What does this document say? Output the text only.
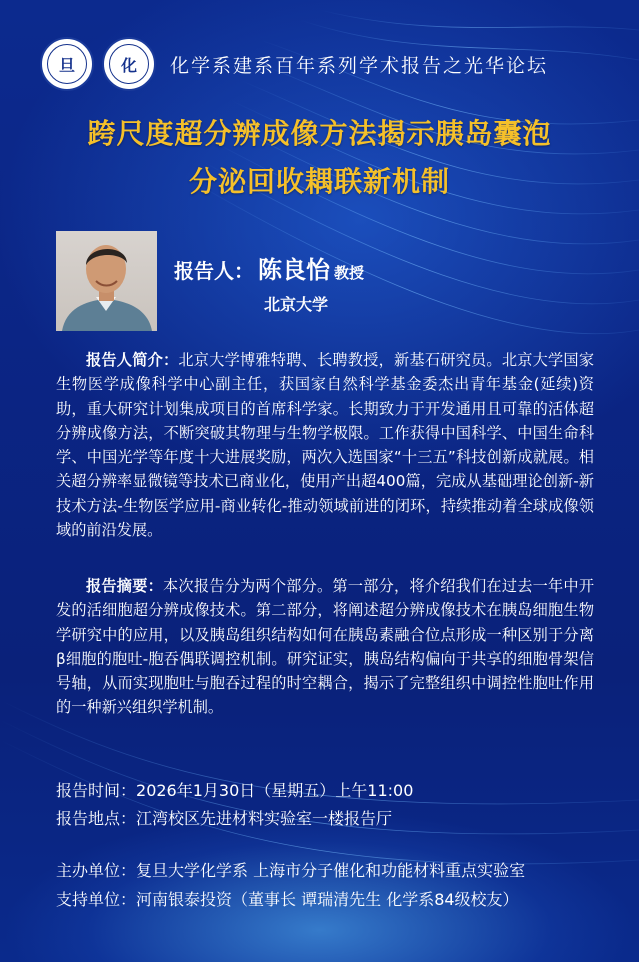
旦	化	化学系建系百年系列学术报告之光华论坛
跨尺度超分辨成像方法揭示胰岛囊泡
分泌回收耦联新机制
报告人： 陈良怡 教授
北京大学
报告人简介：北京大学博雅特聘、长聘教授，新基石研究员。北京大学国家生物医学成像科学中心副主任，获国家自然科学基金委杰出青年基金(延续)资助，重大研究计划集成项目的首席科学家。长期致力于开发通用且可靠的活体超分辨成像方法，不断突破其物理与生物学极限。工作获得中国科学、中国生命科学、中国光学等年度十大进展奖励，两次入选国家“十三五”科技创新成就展。相关超分辨率显微镜等技术已商业化，使用产出超400篇，完成从基础理论创新-新技术方法-生物医学应用-商业转化-推动领域前进的闭环，持续推动着全球成像领域的前沿发展。
报告摘要：本次报告分为两个部分。第一部分，将介绍我们在过去一年中开发的活细胞超分辨成像技术。第二部分，将阐述超分辨成像技术在胰岛细胞生物学研究中的应用，以及胰岛组织结构如何在胰岛素融合位点形成一种区别于分离β细胞的胞吐-胞吞偶联调控机制。研究证实，胰岛结构偏向于共享的细胞骨架信号轴，从而实现胞吐与胞吞过程的时空耦合，揭示了完整组织中调控性胞吐作用的一种新兴组织学机制。
报告时间：2026年1月30日（星期五）上午11:00
报告地点：江湾校区先进材料实验室一楼报告厅
主办单位：复旦大学化学系 上海市分子催化和功能材料重点实验室
支持单位：河南银泰投资（董事长 谭瑞清先生 化学系84级校友）
